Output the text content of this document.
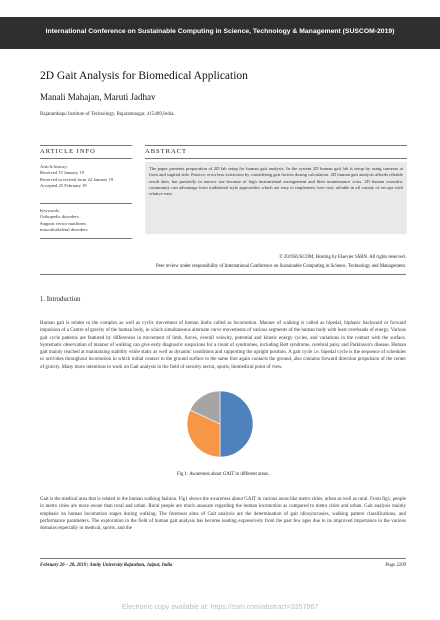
International Conference on Sustainable Computing in Science, Technology & Management (SUSCOM-2019)
2D Gait Analysis for Biomedical Application
Manali Mahajan, Maruti Jadhav
Rajarambapu Institute of Technology, Rajaramnagar, 415409,India.
ARTICLE INFO	ABSTRACT
Article history:
Received 15 January 19
Received in revised form 24 January 19
Accepted 25 February 19
Keywords:
Orthopedic disorders
Support vector machines
musculoskeletal disorders
The paper presents preparation of 2D lab setup for human gait analysis. In the system 2D human gait lab is setup by using cameras at front and sagittal side. Passive, error less extraction by considering gait factors during calculation. 2D human gait analysis affords reliable result data, but presently in narrow use because of high instrumental arrangement and their maintenance costs. 2D human scientific community can advantage from traditional style approaches which are easy to implement, low-cost, reliable in all variety of set ups with relative ease.
© 2019SUSCOM, Hosting by Elsevier SSRN. All rights reserved.
Peer review under responsibility of International Conference on Sustainable Computing in Science, Technology and Management.
1. Introduction
Human gait is relates to the complex as well as cyclic movement of human limbs called as locomotion. Manner of walking is called as bipedal, biphasic backward or forward impulsion of a Centre of gravity of the human body, in which simultaneous alternate curve movements of various segments of the human body with least overheads of energy. Various gait cycle patterns are featured by differences in movement of limb, forces, overall velocity, potential and kinetic energy cycles, and variations in the contact with the surface. Systematic observation of manner of walking can give early diagnostic suspicions for a count of syndromes, including Rett syndrome, cerebral palsy and Parkinson's disease. Human gait mainly reached at maintaining stability while static as well as dynamic conditions and supporting the upright position. A gait cycle i.e. bipedal cycle is the sequence of schedules or activities throughout locomotion in which initial contact to the ground surface to the same foot again contacts the ground, also contains forward direction propulsion of the center of gravity. Many more intentions to work on Gait analysis in the field of security sector, sports, biomedical point of view.
Fig 1: Awareness about GAIT in different areas.
Gait is the medical area that is related to the human walking fashion. Fig1 shows the awareness about GAIT in various areas like metro cities, urban as well as rural. From fig1, people in metro cities are more aware than rural and urban. Rural people are much unaware regarding the human locomotion as compared to metro cities and urban. Gait analysis mainly emphasis on human locomotion stages during walking. The foremost aims of Gait analysis are the determination of gait idiosyncrasies, walking pattern classifications, and performance parameters. The exploration in the field of human gait analysis has become leading expressively from the past few ages due to its improved importance in the various domains especially in medical, sports, and the
February 26 – 28, 2019 | Amity University Rajasthan, Jaipur, India	Page 2209
Electronic copy available at: https://ssrn.com/abstract=3357967
